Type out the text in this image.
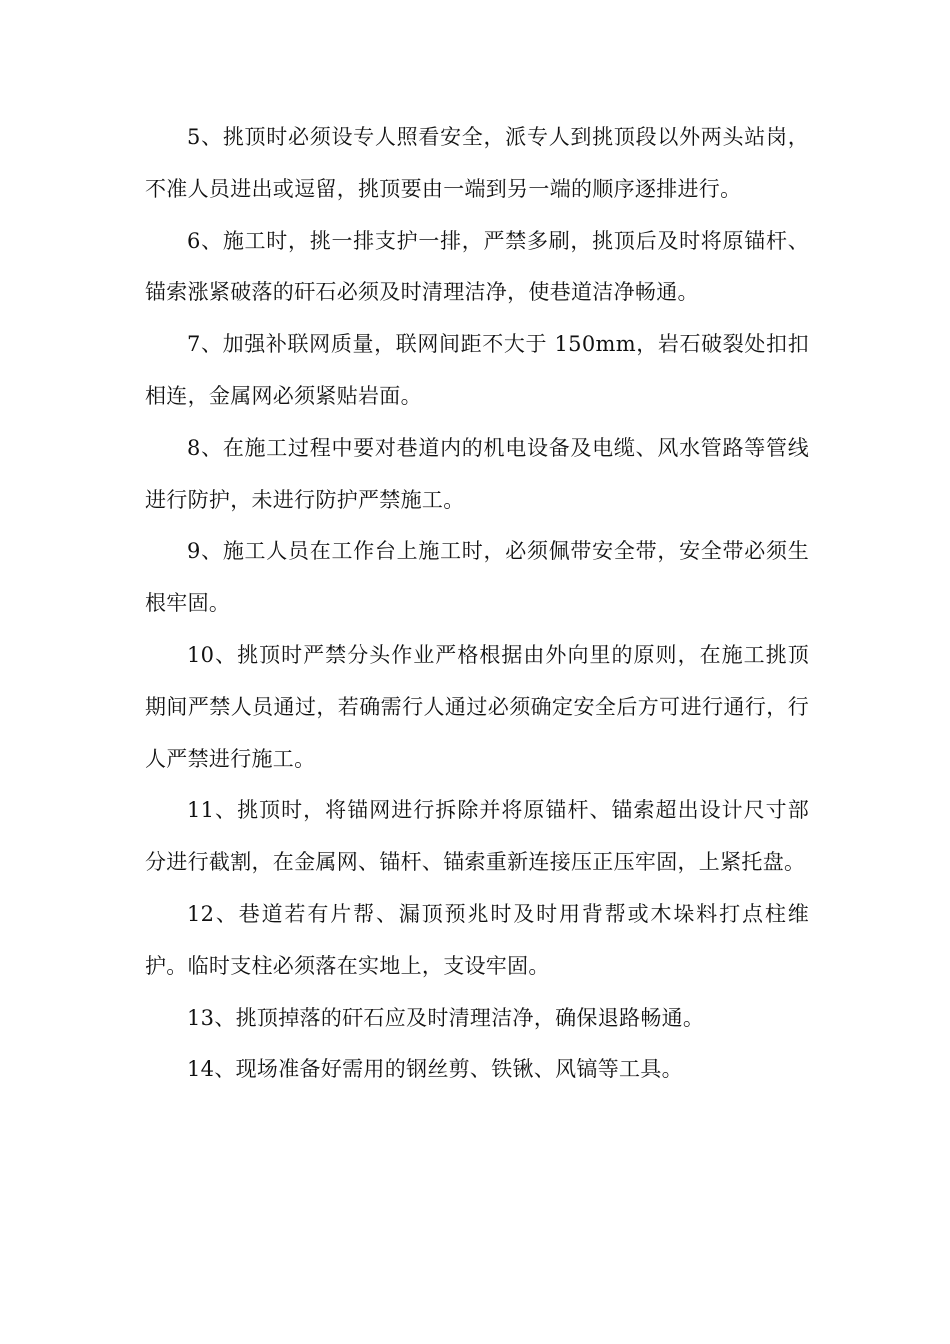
5、挑顶时必须设专人照看安全，派专人到挑顶段以外两头站岗，不准人员进出或逗留，挑顶要由一端到另一端的顺序逐排进行。

6、施工时，挑一排支护一排，严禁多刷，挑顶后及时将原锚杆、锚索涨紧破落的矸石必须及时清理洁净，使巷道洁净畅通。

7、加强补联网质量，联网间距不大于 150mm，岩石破裂处扣扣相连，金属网必须紧贴岩面。

8、在施工过程中要对巷道内的机电设备及电缆、风水管路等管线进行防护，未进行防护严禁施工。

9、施工人员在工作台上施工时，必须佩带安全带，安全带必须生根牢固。

10、挑顶时严禁分头作业严格根据由外向里的原则，在施工挑顶期间严禁人员通过，若确需行人通过必须确定安全后方可进行通行，行人严禁进行施工。

11、挑顶时，将锚网进行拆除并将原锚杆、锚索超出设计尺寸部分进行截割，在金属网、锚杆、锚索重新连接压正压牢固，上紧托盘。

12、巷道若有片帮、漏顶预兆时及时用背帮或木垛料打点柱维护。临时支柱必须落在实地上，支设牢固。

13、挑顶掉落的矸石应及时清理洁净，确保退路畅通。

14、现场准备好需用的钢丝剪、铁锹、风镐等工具。
